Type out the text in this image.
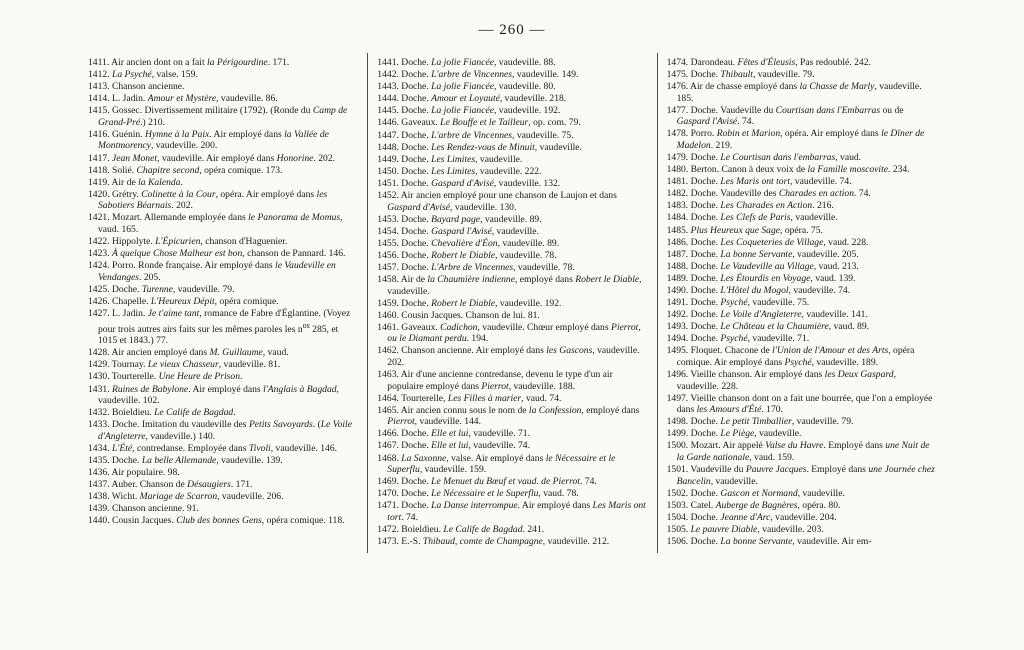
— 260 —
1411. Air ancien dont on a fait la Périgourdine. 171.
1412. La Psyché, valse. 159.
1413. Chanson ancienne.
1414. L. Jadin. Amour et Mystère, vaudeville. 86.
1415. Gossec. Divertissement militaire (1792). (Ronde du Camp de Grand-Pré.) 210.
1416. Guénin. Hymne à la Paix. Air employé dans la Vallée de Montmorency, vaudeville. 200.
1417. Jean Monet, vaudeville. Air employé dans Honorine. 202.
1418. Solié. Chapitre second, opéra comique. 173.
1419. Air de la Kalenda.
1420. Grétry. Colinette à la Cour, opéra. Air employé dans les Sabotiers Béarnais. 202.
1421. Mozart. Allemande employée dans le Panorama de Momus, vaud. 165.
1422. Hippolyte. L'Épicurien, chanson d'Haguenier.
1423. À quelque Chose Malheur est bon, chanson de Pannard. 146.
1424. Porro. Ronde française. Air employé dans le Vaudeville en Vendanges. 205.
1425. Doche. Turenne, vaudeville. 79.
1426. Chapelle. L'Heureux Dépit, opéra comique.
1427. L. Jadin. Je t'aime tant, romance de Fabre d'Églantine. (Voyez pour trois autres airs faits sur les mêmes paroles les $n^{os}$ 285, et 1015 et 1843.) 77.
1428. Air ancien employé dans M. Guillaume, vaud.
1429. Tournay. Le vieux Chasseur, vaudeville. 81.
1430. Tourterelle. Une Heure de Prison.
1431. Ruines de Babylone. Air employé dans l'Anglais à Bagdad, vaudeville. 102.
1432. Boieldieu. Le Calife de Bagdad.
1433. Doche. Imitation du vaudeville des Petits Savoyards. (Le Voile d'Angleterre, vaudeville.) 140.
1434. L'Été, contredanse. Employée dans Tivoli, vaudeville. 146.
1435. Doche. La belle Allemande, vaudeville. 139.
1436. Air populaire. 98.
1437. Auber. Chanson de Désaugiers. 171.
1438. Wicht. Mariage de Scarron, vaudeville. 206.
1439. Chanson ancienne. 91.
1440. Cousin Jacques. Club des bonnes Gens, opéra comique. 118.
1441. Doche. La jolie Fiancée, vaudeville. 88.
1442. Doche. L'arbre de Vincennes, vaudeville. 149.
1443. Doche. La jolie Fiancée, vaudeville. 80.
1444. Doche. Amour et Loyauté, vaudeville. 218.
1445. Doche. La jolie Fiancée, vaudeville. 192.
1446. Gaveaux. Le Bouffe et le Tailleur, op. com. 79.
1447. Doche. L'arbre de Vincennes, vaudeville. 75.
1448. Doche. Les Rendez-vous de Minuit, vaudeville.
1449. Doche. Les Limites, vaudeville.
1450. Doche. Les Limites, vaudeville. 222.
1451. Doche. Gaspard d'Avisé, vaudeville. 132.
1452. Air ancien employé pour une chanson de Laujon et dans Gaspard d'Avisé, vaudeville. 130.
1453. Doche. Bayard page, vaudeville. 89.
1454. Doche. Gaspard l'Avisé, vaudeville.
1455. Doche. Chevalière d'Éon, vaudeville. 89.
1456. Doche. Robert le Diable, vaudeville. 78.
1457. Doche. L'Arbre de Vincennes, vaudeville. 78.
1458. Air de la Chaumière indienne, employé dans Robert le Diable, vaudeville.
1459. Doche. Robert le Diable, vaudeville. 192.
1460. Cousin Jacques. Chanson de lui. 81.
1461. Gaveaux. Cadichon, vaudeville. Chœur employé dans Pierrot, ou le Diamant perdu. 194.
1462. Chanson ancienne. Air employé dans les Gascons, vaudeville. 202.
1463. Air d'une ancienne contredanse, devenu le type d'un air populaire employé dans Pierrot, vaudeville. 188.
1464. Tourterelle, Les Filles à marier, vaud. 74.
1465. Air ancien connu sous le nom de la Confession, employé dans Pierrot, vaudeville. 144.
1466. Doche. Elle et lui, vaudeville. 71.
1467. Doche. Elle et lui, vaudeville. 74.
1468. La Saxonne, valse. Air employé dans le Nécessaire et le Superflu, vaudeville. 159.
1469. Doche. Le Menuet du Bœuf et vaud. de Pierrot. 74.
1470. Doche. Le Nécessaire et le Superflu, vaud. 78.
1471. Doche. La Danse interrompue. Air employé dans Les Maris ont tort. 74.
1472. Boieldieu. Le Calife de Bagdad. 241.
1473. E.-S. Thibaud, comte de Champagne, vaudeville. 212.
1474. Darondeau. Fêtes d'Éleusis, Pas redoublé. 242.
1475. Doche. Thibault, vaudeville. 79.
1476. Air de chasse employé dans la Chasse de Marly, vaudeville. 185.
1477. Doche. Vaudeville du Courtisan dans l'Embarras ou de Gaspard l'Avisé. 74.
1478. Porro. Robin et Marion, opéra. Air employé dans le Dîner de Madelon. 219.
1479. Doche. Le Courtisan dans l'embarras, vaud.
1480. Berton. Canon à deux voix de la Famille moscovite. 234.
1481. Doche. Les Maris ont tort, vaudeville. 74.
1482. Doche. Vaudeville des Charades en action. 74.
1483. Doche. Les Charades en Action. 216.
1484. Doche. Les Clefs de Paris, vaudeville.
1485. Plus Heureux que Sage, opéra. 75.
1486. Doche. Les Coqueteries de Village, vaud. 228.
1487. Doche. La bonne Servante, vaudeville. 205.
1488. Doche. Le Vaudeville au Village, vaud. 213.
1489. Doche. Les Étourdis en Voyage, vaud. 139.
1490. Doche. L'Hôtel du Mogol, vaudeville. 74.
1491. Doche. Psyché, vaudeville. 75.
1492. Doche. Le Voile d'Angleterre, vaudeville. 141.
1493. Doche. Le Château et la Chaumière, vaud. 89.
1494. Doche. Psyché, vaudeville. 71.
1495. Floquet. Chacone de l'Union de l'Amour et des Arts, opéra comique. Air employé dans Psyché, vaudeville. 189.
1496. Vieille chanson. Air employé dans les Deux Gaspard, vaudeville. 228.
1497. Vieille chanson dont on a fait une bourrée, que l'on a employée dans les Amours d'Été. 170.
1498. Doche. Le petit Timballier, vaudeville. 79.
1499. Doche. Le Piège, vaudeville.
1500. Mozart. Air appelé Valse du Havre. Employé dans une Nuit de la Garde nationale, vaud. 159.
1501. Vaudeville du Pauvre Jacques. Employé dans une Journée chez Bancelin, vaudeville.
1502. Doche. Gascon et Normand, vaudeville.
1503. Catel. Auberge de Bagnères, opéra. 80.
1504. Doche. Jeanne d'Arc, vaudeville. 204.
1505. Le pauvre Diable, vaudeville. 203.
1506. Doche. La bonne Servante, vaudeville. Air em-
